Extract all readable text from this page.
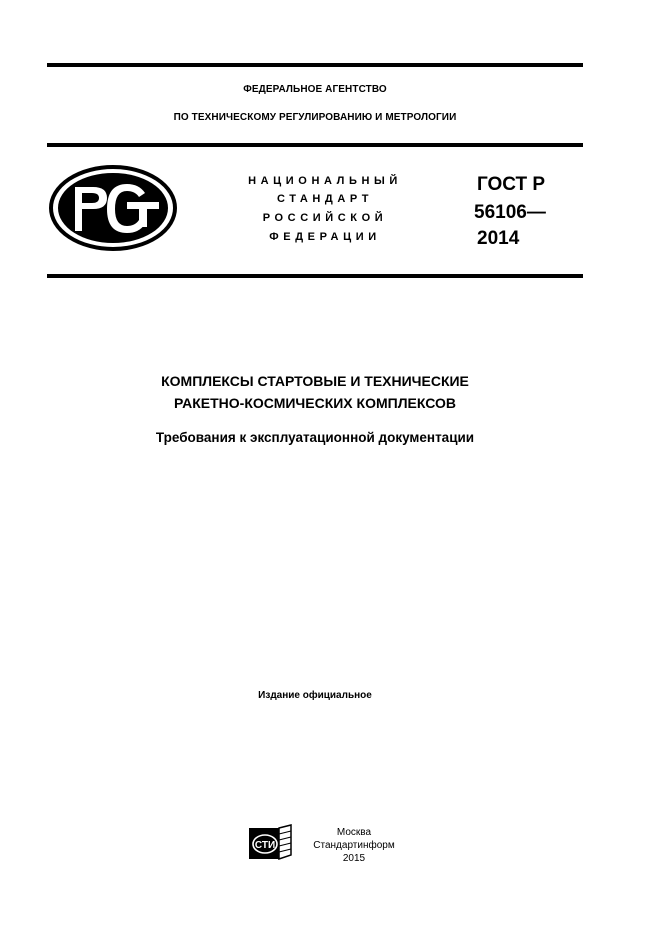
ФЕДЕРАЛЬНОЕ АГЕНТСТВО
ПО ТЕХНИЧЕСКОМУ РЕГУЛИРОВАНИЮ И МЕТРОЛОГИИ
НАЦИОНАЛЬНЫЙ
СТАНДАРТ
РОССИЙСКОЙ
ФЕДЕРАЦИИ
ГОСТ Р
56106—
2014
КОМПЛЕКСЫ СТАРТОВЫЕ И ТЕХНИЧЕСКИЕ
РАКЕТНО-КОСМИЧЕСКИХ КОМПЛЕКСОВ
Требования к эксплуатационной документации
Издание официальное
СТИ
Москва
Стандартинформ
2015
